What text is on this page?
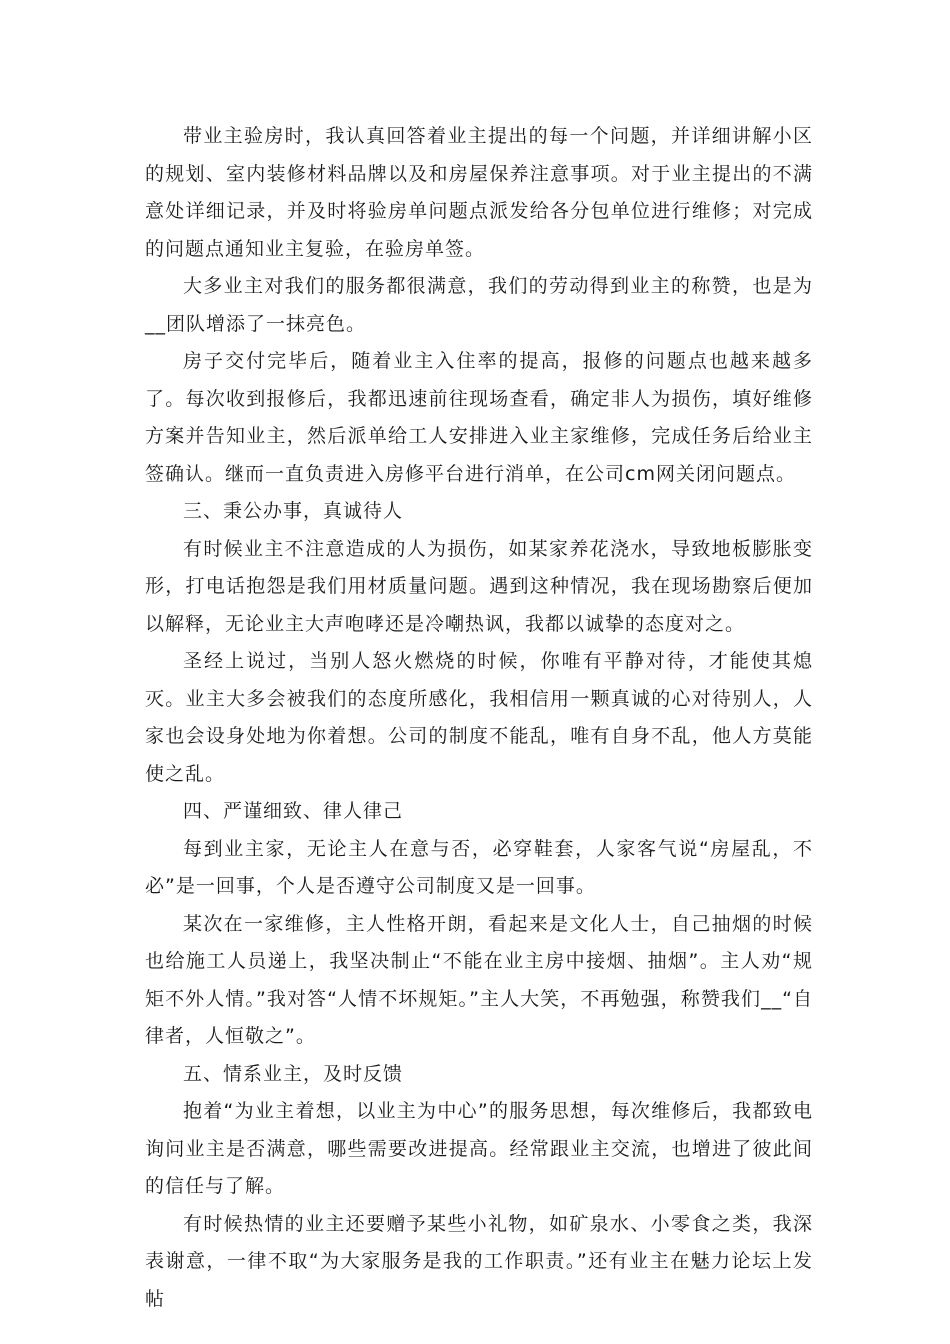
带业主验房时，我认真回答着业主提出的每一个问题，并详细讲解小区的规划、室内装修材料品牌以及和房屋保养注意事项。对于业主提出的不满意处详细记录，并及时将验房单问题点派发给各分包单位进行维修；对完成的问题点通知业主复验，在验房单签。

大多业主对我们的服务都很满意，我们的劳动得到业主的称赞，也是为__团队增添了一抹亮色。

房子交付完毕后，随着业主入住率的提高，报修的问题点也越来越多了。每次收到报修后，我都迅速前往现场查看，确定非人为损伤，填好维修方案并告知业主，然后派单给工人安排进入业主家维修，完成任务后给业主签确认。继而一直负责进入房修平台进行消单，在公司cm网关闭问题点。

三、秉公办事，真诚待人

有时候业主不注意造成的人为损伤，如某家养花浇水，导致地板膨胀变形，打电话抱怨是我们用材质量问题。遇到这种情况，我在现场勘察后便加以解释，无论业主大声咆哮还是冷嘲热讽，我都以诚挚的态度对之。

圣经上说过，当别人怒火燃烧的时候，你唯有平静对待，才能使其熄灭。业主大多会被我们的态度所感化，我相信用一颗真诚的心对待别人，人家也会设身处地为你着想。公司的制度不能乱，唯有自身不乱，他人方莫能使之乱。

四、严谨细致、律人律己

每到业主家，无论主人在意与否，必穿鞋套，人家客气说“房屋乱，不必”是一回事，个人是否遵守公司制度又是一回事。

某次在一家维修，主人性格开朗，看起来是文化人士，自己抽烟的时候也给施工人员递上，我坚决制止“不能在业主房中接烟、抽烟”。主人劝“规矩不外人情。”我对答“人情不坏规矩。”主人大笑，不再勉强，称赞我们__“自律者，人恒敬之”。

五、情系业主，及时反馈

抱着“为业主着想，以业主为中心”的服务思想，每次维修后，我都致电询问业主是否满意，哪些需要改进提高。经常跟业主交流，也增进了彼此间的信任与了解。

有时候热情的业主还要赠予某些小礼物，如矿泉水、小零食之类，我深表谢意，一律不取“为大家服务是我的工作职责。”还有业主在魅力论坛上发帖
